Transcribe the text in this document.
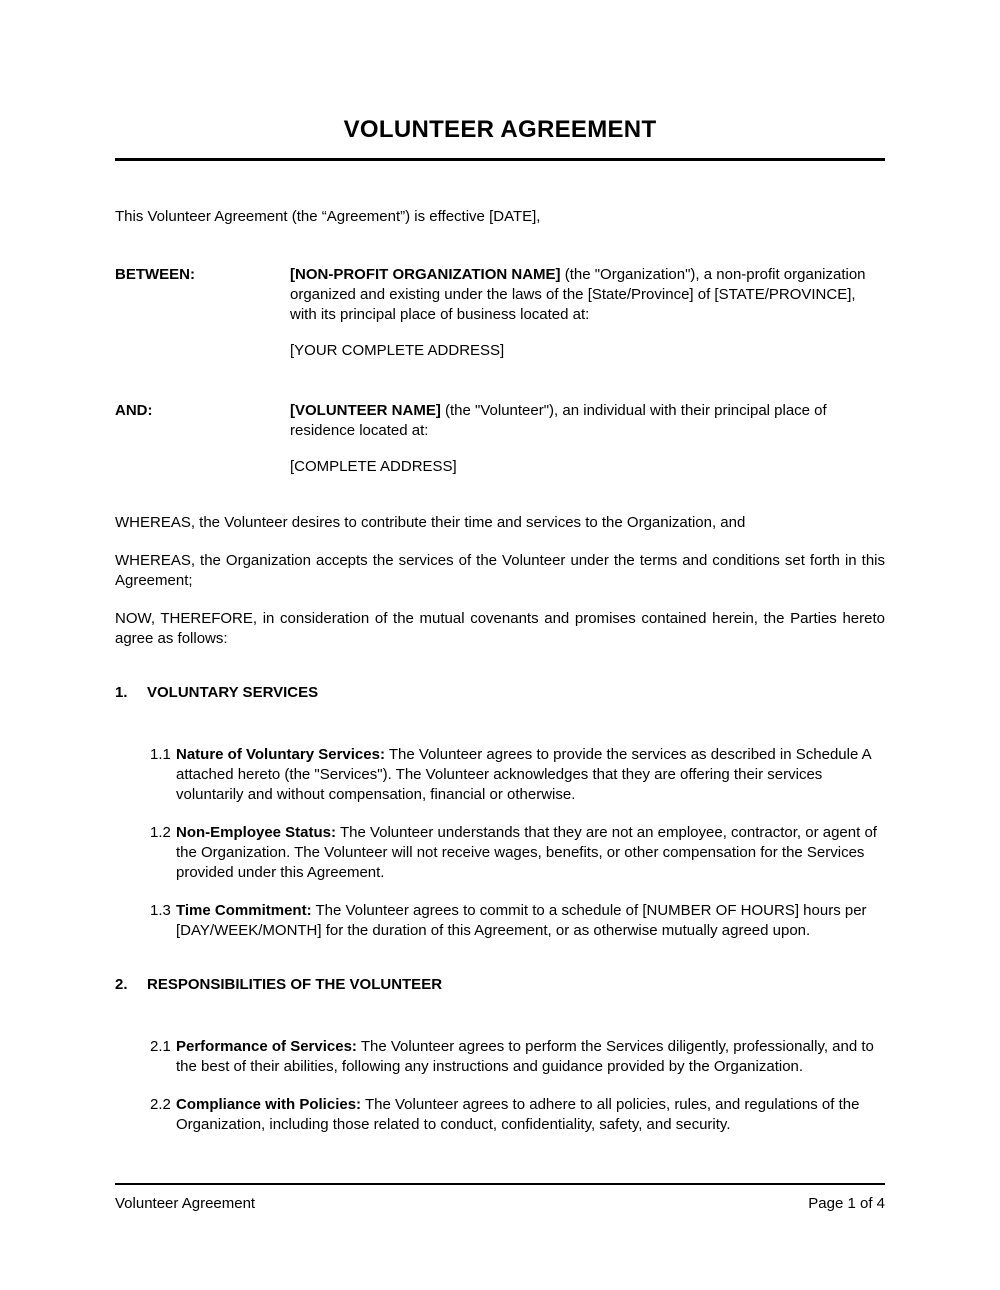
VOLUNTEER AGREEMENT

This Volunteer Agreement (the “Agreement”) is effective [DATE],

BETWEEN:	[NON-PROFIT ORGANIZATION NAME] (the "Organization"), a non-profit organization organized and existing under the laws of the [State/Province] of [STATE/PROVINCE], with its principal place of business located at:

[YOUR COMPLETE ADDRESS]

AND:	[VOLUNTEER NAME] (the "Volunteer"), an individual with their principal place of residence located at:

[COMPLETE ADDRESS]

WHEREAS, the Volunteer desires to contribute their time and services to the Organization, and

WHEREAS, the Organization accepts the services of the Volunteer under the terms and conditions set forth in this Agreement;

NOW, THEREFORE, in consideration of the mutual covenants and promises contained herein, the Parties hereto agree as follows:

1.	VOLUNTARY SERVICES
1.1 Nature of Voluntary Services: The Volunteer agrees to provide the services as described in Schedule A attached hereto (the "Services"). The Volunteer acknowledges that they are offering their services voluntarily and without compensation, financial or otherwise.
1.2 Non-Employee Status: The Volunteer understands that they are not an employee, contractor, or agent of the Organization. The Volunteer will not receive wages, benefits, or other compensation for the Services provided under this Agreement.
1.3 Time Commitment: The Volunteer agrees to commit to a schedule of [NUMBER OF HOURS] hours per [DAY/WEEK/MONTH] for the duration of this Agreement, or as otherwise mutually agreed upon.
2.	RESPONSIBILITIES OF THE VOLUNTEER
2.1 Performance of Services: The Volunteer agrees to perform the Services diligently, professionally, and to the best of their abilities, following any instructions and guidance provided by the Organization.
2.2 Compliance with Policies: The Volunteer agrees to adhere to all policies, rules, and regulations of the Organization, including those related to conduct, confidentiality, safety, and security.
Volunteer Agreement	Page 1 of 4
